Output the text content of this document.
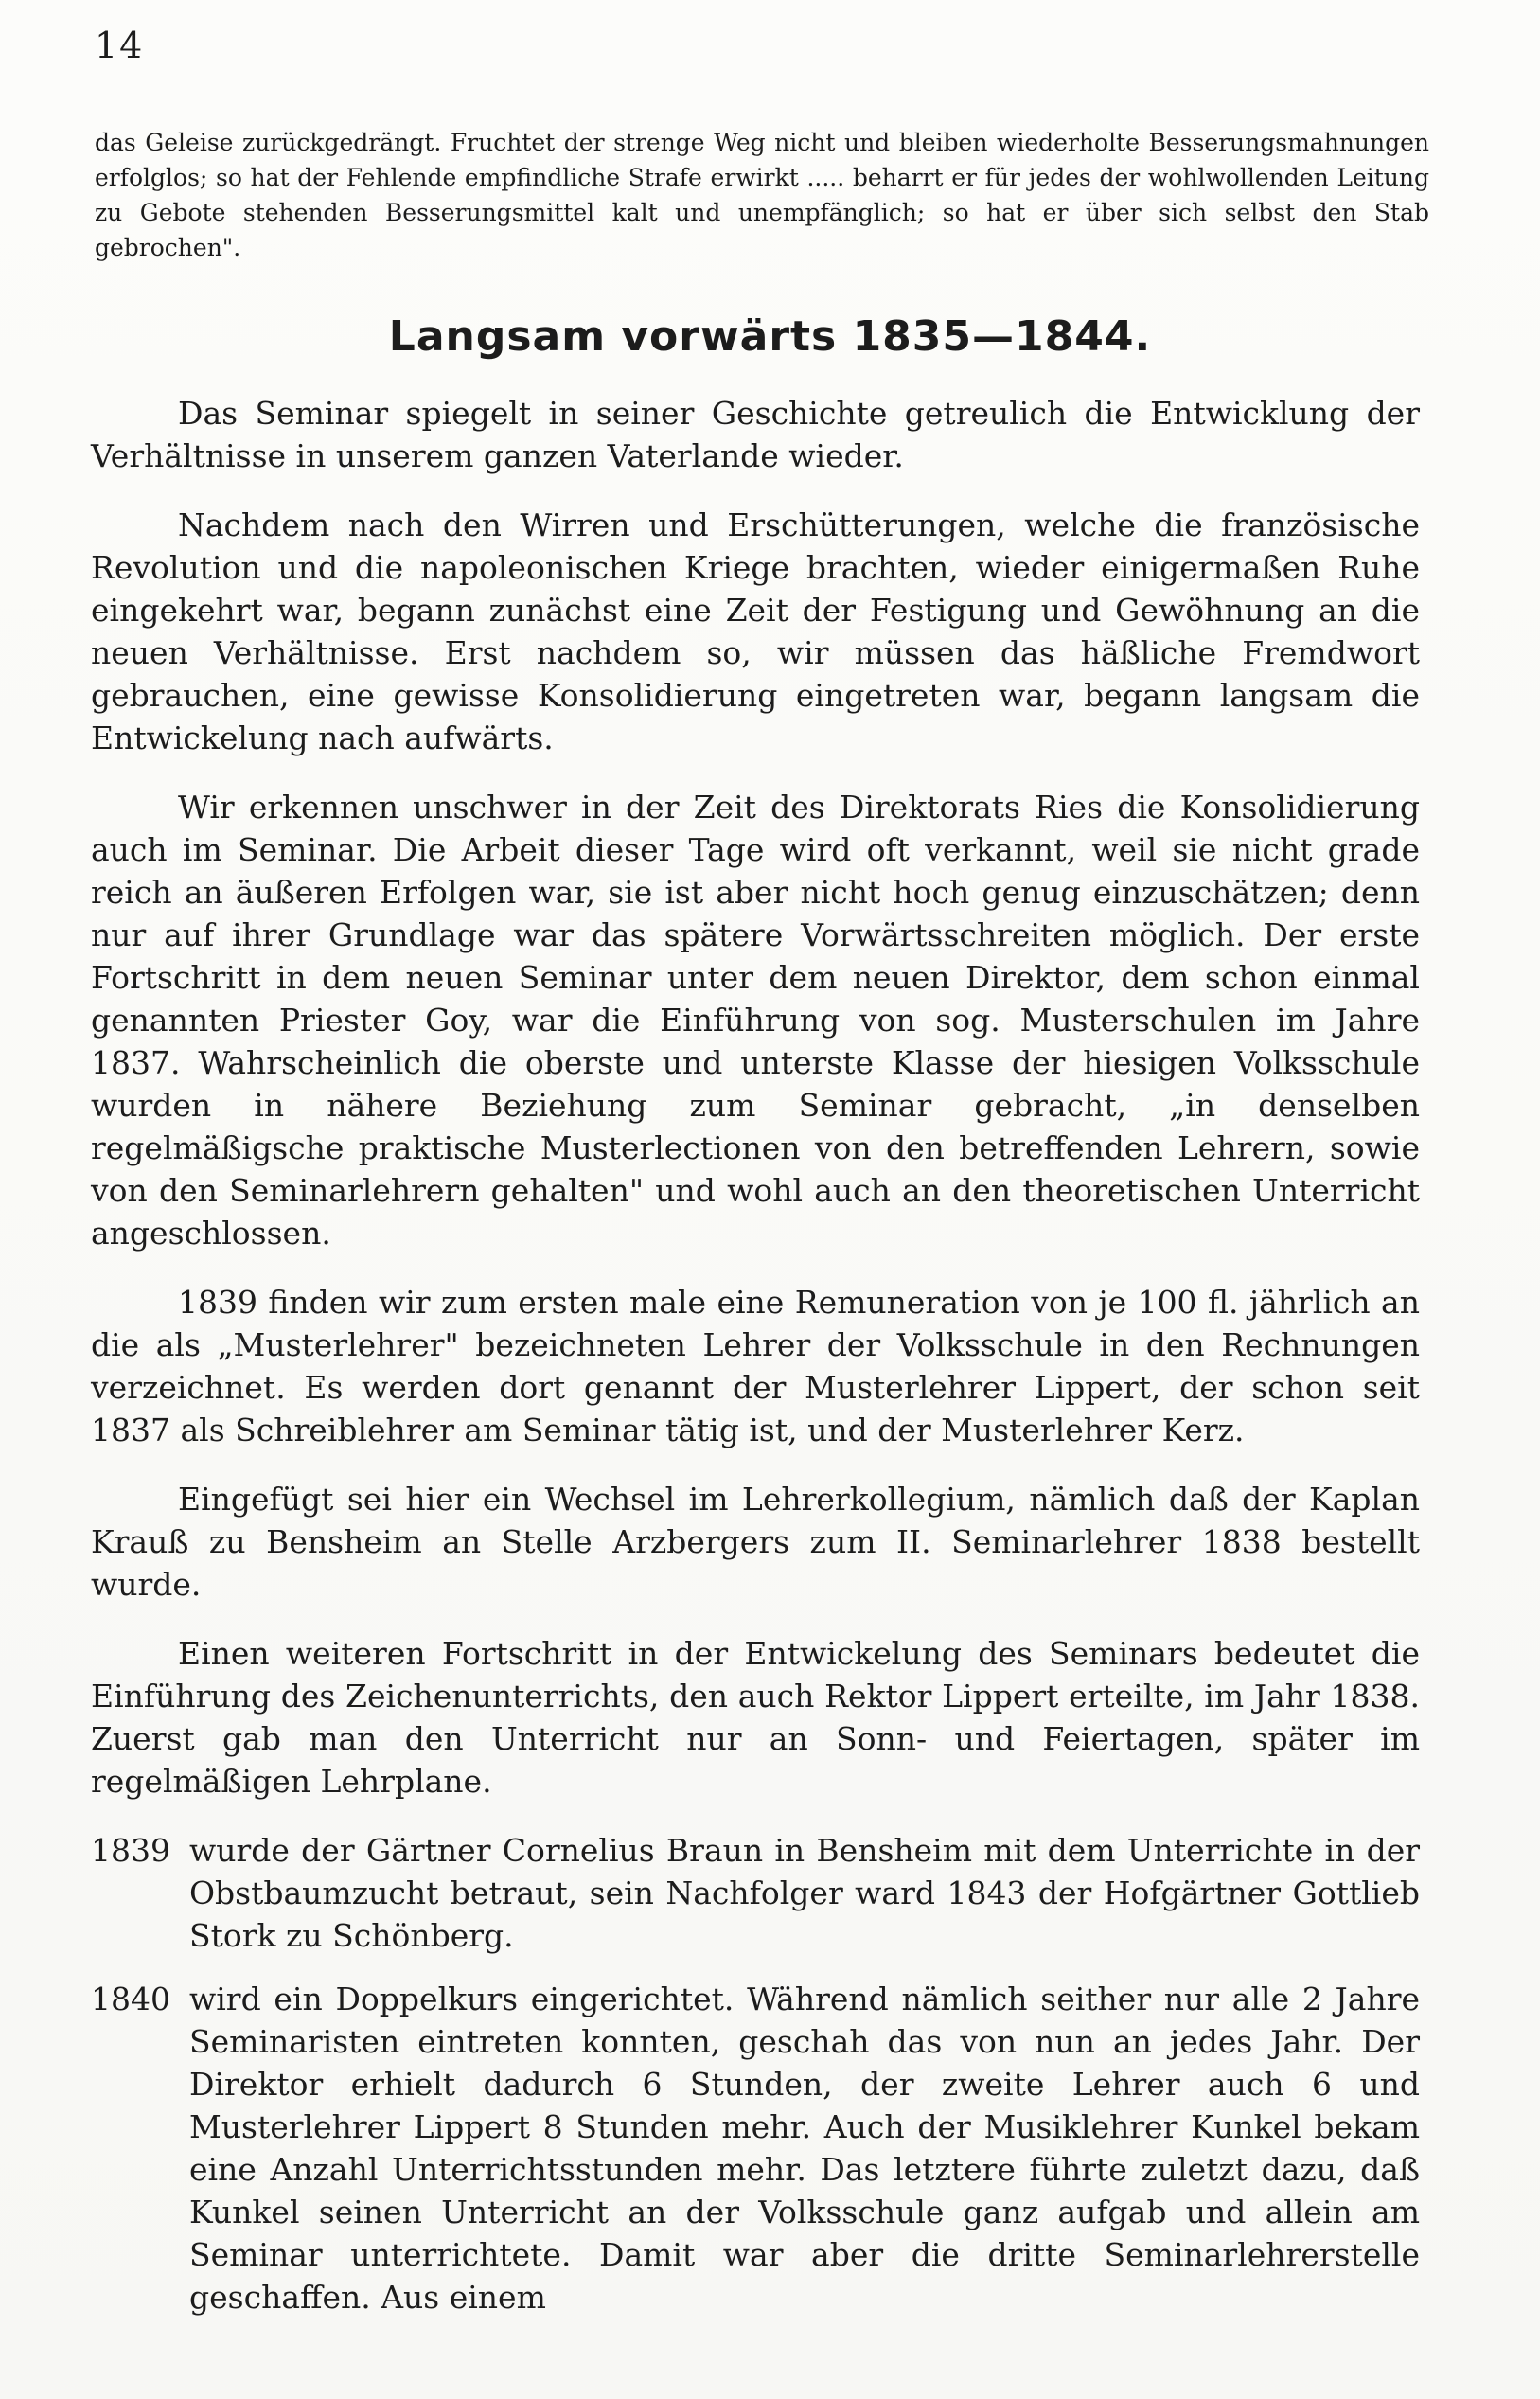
14

das Geleise zurückgedrängt. Fruchtet der strenge Weg nicht und bleiben wiederholte Besserungsmahnungen erfolglos; so hat der Fehlende empfindliche Strafe erwirkt ..... beharrt er für jedes der wohlwollenden Leitung zu Gebote stehenden Besserungsmittel kalt und unempfänglich; so hat er über sich selbst den Stab gebrochen".

Langsam vorwärts 1835—1844.

Das Seminar spiegelt in seiner Geschichte getreulich die Entwicklung der Verhältnisse in unserem ganzen Vaterlande wieder.

Nachdem nach den Wirren und Erschütterungen, welche die französische Revolution und die napoleonischen Kriege brachten, wieder einigermaßen Ruhe eingekehrt war, begann zunächst eine Zeit der Festigung und Gewöhnung an die neuen Verhältnisse. Erst nachdem so, wir müssen das häßliche Fremdwort gebrauchen, eine gewisse Konsolidierung eingetreten war, begann langsam die Entwickelung nach aufwärts.

Wir erkennen unschwer in der Zeit des Direktorats Ries die Konsolidierung auch im Seminar. Die Arbeit dieser Tage wird oft verkannt, weil sie nicht grade reich an äußeren Erfolgen war, sie ist aber nicht hoch genug einzuschätzen; denn nur auf ihrer Grundlage war das spätere Vorwärtsschreiten möglich. Der erste Fortschritt in dem neuen Seminar unter dem neuen Direktor, dem schon einmal genannten Priester Goy, war die Einführung von sog. Musterschulen im Jahre 1837. Wahrscheinlich die oberste und unterste Klasse der hiesigen Volksschule wurden in nähere Beziehung zum Seminar gebracht, „in denselben regelmäßigsche praktische Musterlectionen von den betreffenden Lehrern, sowie von den Seminarlehrern gehalten" und wohl auch an den theoretischen Unterricht angeschlossen.

1839 finden wir zum ersten male eine Remuneration von je 100 fl. jährlich an die als „Musterlehrer" bezeichneten Lehrer der Volksschule in den Rechnungen verzeichnet. Es werden dort genannt der Musterlehrer Lippert, der schon seit 1837 als Schreiblehrer am Seminar tätig ist, und der Musterlehrer Kerz.

Eingefügt sei hier ein Wechsel im Lehrerkollegium, nämlich daß der Kaplan Krauß zu Bensheim an Stelle Arzbergers zum II. Seminarlehrer 1838 bestellt wurde.

Einen weiteren Fortschritt in der Entwickelung des Seminars bedeutet die Einführung des Zeichenunterrichts, den auch Rektor Lippert erteilte, im Jahr 1838. Zuerst gab man den Unterricht nur an Sonn- und Feiertagen, später im regelmäßigen Lehrplane.

1839 wurde der Gärtner Cornelius Braun in Bensheim mit dem Unterrichte in der Obstbaumzucht betraut, sein Nachfolger ward 1843 der Hofgärtner Gottlieb Stork zu Schönberg.
1840 wird ein Doppelkurs eingerichtet. Während nämlich seither nur alle 2 Jahre Seminaristen eintreten konnten, geschah das von nun an jedes Jahr. Der Direktor erhielt dadurch 6 Stunden, der zweite Lehrer auch 6 und Musterlehrer Lippert 8 Stunden mehr. Auch der Musiklehrer Kunkel bekam eine Anzahl Unterrichtsstunden mehr. Das letztere führte zuletzt dazu, daß Kunkel seinen Unterricht an der Volksschule ganz aufgab und allein am Seminar unterrichtete. Damit war aber die dritte Seminarlehrerstelle geschaffen. Aus einem
